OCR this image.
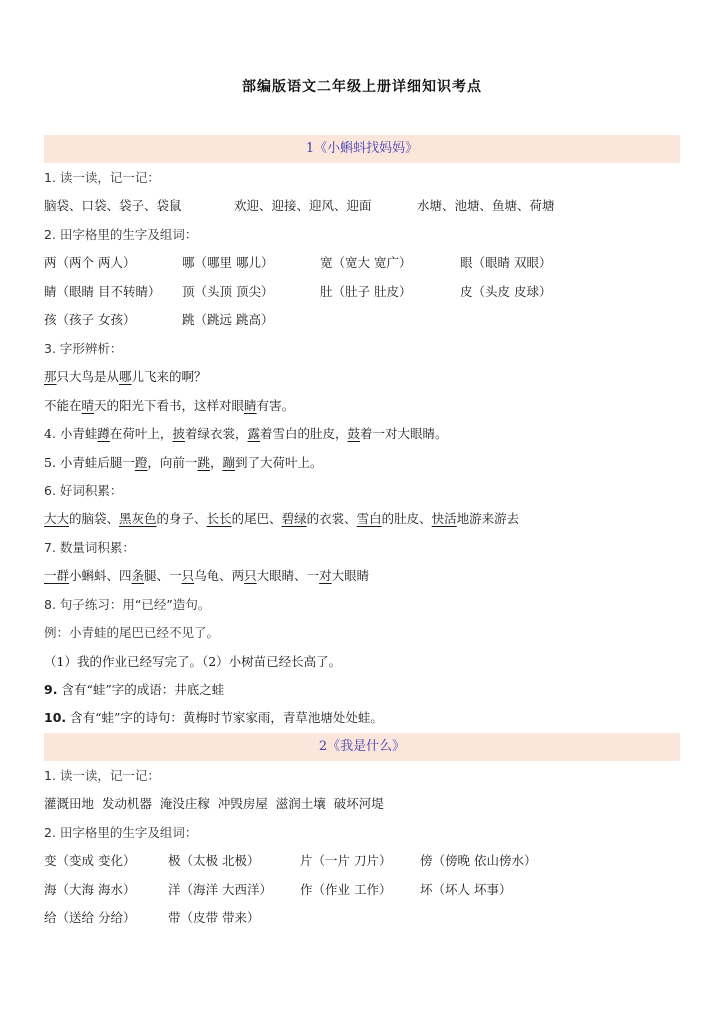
部编版语文二年级上册详细知识考点
1《小蝌蚪找妈妈》
1. 读一读，记一记：
脑袋、口袋、袋子、袋鼠	欢迎、迎接、迎风、迎面	水塘、池塘、鱼塘、荷塘
2. 田字格里的生字及组词：
两（两个 两人）	哪（哪里 哪儿）	宽（宽大 宽广）	眼（眼睛 双眼）
睛（眼睛 目不转睛） 顶（头顶 顶尖）	肚（肚子 肚皮）	皮（头皮 皮球）
孩（孩子 女孩）	跳（跳远 跳高）
3. 字形辨析：
那只大鸟是从哪儿飞来的啊？
不能在晴天的阳光下看书，这样对眼睛有害。
4. 小青蛙蹲在荷叶上，披着绿衣裳，露着雪白的肚皮，鼓着一对大眼睛。
5. 小青蛙后腿一蹬，向前一跳，蹦到了大荷叶上。
6. 好词积累：
大大的脑袋、黑灰色的身子、长长的尾巴、碧绿的衣裳、雪白的肚皮、快活地游来游去
7. 数量词积累：
一群小蝌蚪、四条腿、一只乌龟、两只大眼睛、一对大眼睛
8. 句子练习：用“已经”造句。
例：小青蛙的尾巴已经不见了。
（1）我的作业已经写完了。（2）小树苗已经长高了。
9. 含有“蛙”字的成语：井底之蛙
10. 含有“蛙”字的诗句：黄梅时节家家雨，青草池塘处处蛙。
2《我是什么》
1. 读一读，记一记：
灌溉田地  发动机器  淹没庄稼  冲毁房屋  滋润土壤  破坏河堤
2. 田字格里的生字及组词：
变（变成 变化）	极（太极 北极）	片（一片 刀片） 傍（傍晚 依山傍水）
海（大海 海水）	洋（海洋 大西洋） 作（作业 工作） 坏（坏人 坏事）
给（送给 分给）	带（皮带 带来）
